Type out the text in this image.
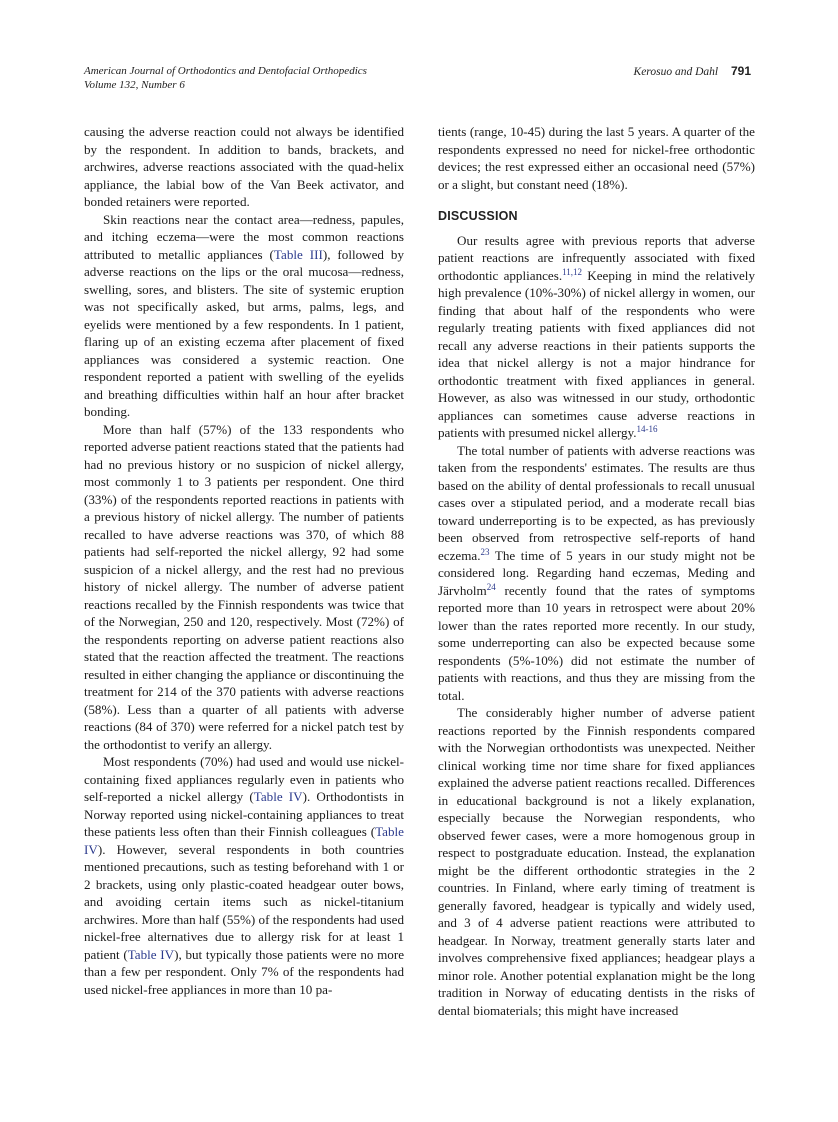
American Journal of Orthodontics and Dentofacial Orthopedics
Volume 132, Number 6
Kerosuo and Dahl 791

causing the adverse reaction could not always be identified by the respondent. In addition to bands, brackets, and archwires, adverse reactions associated with the quad-helix appliance, the labial bow of the Van Beek activator, and bonded retainers were reported.

Skin reactions near the contact area—redness, papules, and itching eczema—were the most common reactions attributed to metallic appliances (Table III), followed by adverse reactions on the lips or the oral mucosa—redness, swelling, sores, and blisters. The site of systemic eruption was not specifically asked, but arms, palms, legs, and eyelids were mentioned by a few respondents. In 1 patient, flaring up of an existing eczema after placement of fixed appliances was considered a systemic reaction. One respondent reported a patient with swelling of the eyelids and breathing difficulties within half an hour after bracket bonding.

More than half (57%) of the 133 respondents who reported adverse patient reactions stated that the patients had had no previous history or no suspicion of nickel allergy, most commonly 1 to 3 patients per respondent. One third (33%) of the respondents reported reactions in patients with a previous history of nickel allergy. The number of patients recalled to have adverse reactions was 370, of which 88 patients had self-reported the nickel allergy, 92 had some suspicion of a nickel allergy, and the rest had no previous history of nickel allergy. The number of adverse patient reactions recalled by the Finnish respondents was twice that of the Norwegian, 250 and 120, respectively. Most (72%) of the respondents reporting on adverse patient reactions also stated that the reaction affected the treatment. The reactions resulted in either changing the appliance or discontinuing the treatment for 214 of the 370 patients with adverse reactions (58%). Less than a quarter of all patients with adverse reactions (84 of 370) were referred for a nickel patch test by the orthodontist to verify an allergy.

Most respondents (70%) had used and would use nickel-containing fixed appliances regularly even in patients who self-reported a nickel allergy (Table IV). Orthodontists in Norway reported using nickel-containing appliances to treat these patients less often than their Finnish colleagues (Table IV). However, several respondents in both countries mentioned precautions, such as testing beforehand with 1 or 2 brackets, using only plastic-coated headgear outer bows, and avoiding certain items such as nickel-titanium archwires. More than half (55%) of the respondents had used nickel-free alternatives due to allergy risk for at least 1 patient (Table IV), but typically those patients were no more than a few per respondent. Only 7% of the respondents had used nickel-free appliances in more than 10 pa-

tients (range, 10-45) during the last 5 years. A quarter of the respondents expressed no need for nickel-free orthodontic devices; the rest expressed either an occasional need (57%) or a slight, but constant need (18%).

DISCUSSION

Our results agree with previous reports that adverse patient reactions are infrequently associated with fixed orthodontic appliances.$^{11,12}$ Keeping in mind the relatively high prevalence (10%-30%) of nickel allergy in women, our finding that about half of the respondents who were regularly treating patients with fixed appliances did not recall any adverse reactions in their patients supports the idea that nickel allergy is not a major hindrance for orthodontic treatment with fixed appliances in general. However, as also was witnessed in our study, orthodontic appliances can sometimes cause adverse reactions in patients with presumed nickel allergy.$^{14-16}$

The total number of patients with adverse reactions was taken from the respondents' estimates. The results are thus based on the ability of dental professionals to recall unusual cases over a stipulated period, and a moderate recall bias toward underreporting is to be expected, as has previously been observed from retrospective self-reports of hand eczema.$^{23}$ The time of 5 years in our study might not be considered long. Regarding hand eczemas, Meding and Järvholm$^{24}$ recently found that the rates of symptoms reported more than 10 years in retrospect were about 20% lower than the rates reported more recently. In our study, some underreporting can also be expected because some respondents (5%-10%) did not estimate the number of patients with reactions, and thus they are missing from the total.

The considerably higher number of adverse patient reactions reported by the Finnish respondents compared with the Norwegian orthodontists was unexpected. Neither clinical working time nor time share for fixed appliances explained the adverse patient reactions recalled. Differences in educational background is not a likely explanation, especially because the Norwegian respondents, who observed fewer cases, were a more homogenous group in respect to postgraduate education. Instead, the explanation might be the different orthodontic strategies in the 2 countries. In Finland, where early timing of treatment is generally favored, headgear is typically and widely used, and 3 of 4 adverse patient reactions were attributed to headgear. In Norway, treatment generally starts later and involves comprehensive fixed appliances; headgear plays a minor role. Another potential explanation might be the long tradition in Norway of educating dentists in the risks of dental biomaterials; this might have increased
